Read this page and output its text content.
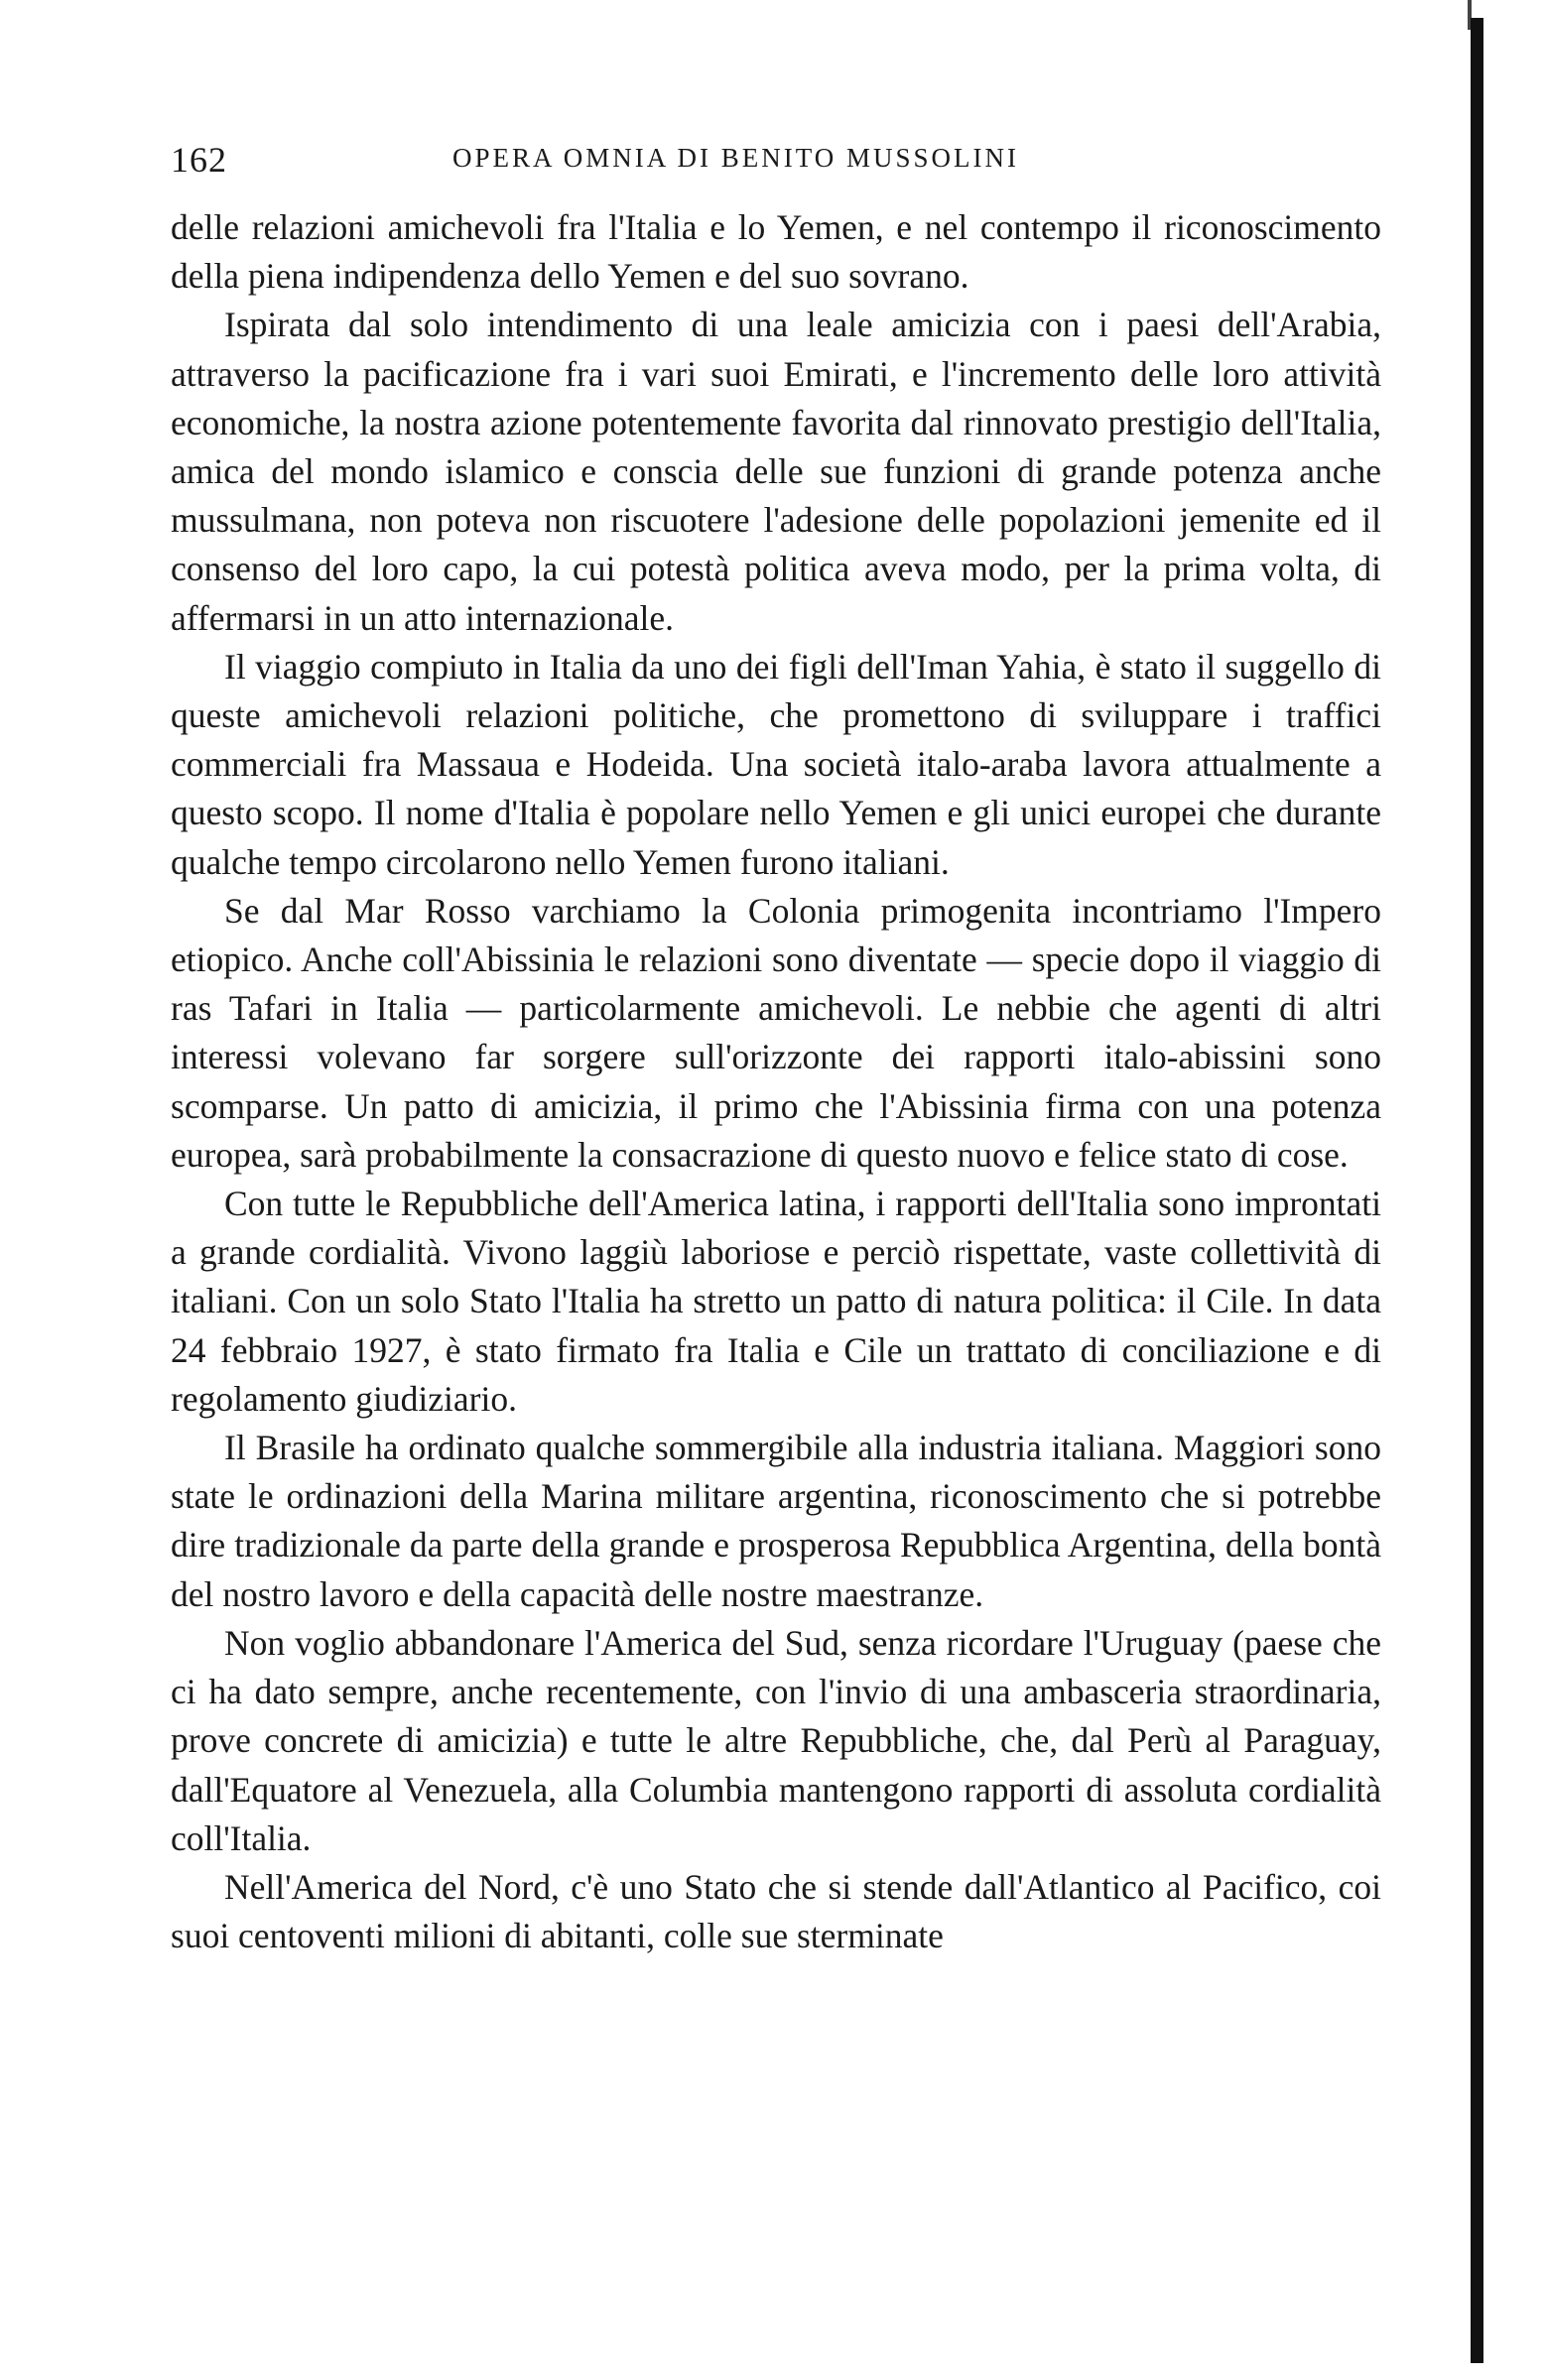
162	OPERA OMNIA DI BENITO MUSSOLINI

delle relazioni amichevoli fra l'Italia e lo Yemen, e nel contempo il riconoscimento della piena indipendenza dello Yemen e del suo sovrano.

Ispirata dal solo intendimento di una leale amicizia con i paesi dell'Arabia, attraverso la pacificazione fra i vari suoi Emirati, e l'incremento delle loro attività economiche, la nostra azione potentemente favorita dal rinnovato prestigio dell'Italia, amica del mondo islamico e conscia delle sue funzioni di grande potenza anche mussulmana, non poteva non riscuotere l'adesione delle popolazioni jemenite ed il consenso del loro capo, la cui potestà politica aveva modo, per la prima volta, di affermarsi in un atto internazionale.

Il viaggio compiuto in Italia da uno dei figli dell'Iman Yahia, è stato il suggello di queste amichevoli relazioni politiche, che promettono di sviluppare i traffici commerciali fra Massaua e Hodeida. Una società italo-araba lavora attualmente a questo scopo. Il nome d'Italia è popolare nello Yemen e gli unici europei che durante qualche tempo circolarono nello Yemen furono italiani.

Se dal Mar Rosso varchiamo la Colonia primogenita incontriamo l'Impero etiopico. Anche coll'Abissinia le relazioni sono diventate — specie dopo il viaggio di ras Tafari in Italia — particolarmente amichevoli. Le nebbie che agenti di altri interessi volevano far sorgere sull'orizzonte dei rapporti italo-abissini sono scomparse. Un patto di amicizia, il primo che l'Abissinia firma con una potenza europea, sarà probabilmente la consacrazione di questo nuovo e felice stato di cose.

Con tutte le Repubbliche dell'America latina, i rapporti dell'Italia sono improntati a grande cordialità. Vivono laggiù laboriose e perciò rispettate, vaste collettività di italiani. Con un solo Stato l'Italia ha stretto un patto di natura politica: il Cile. In data 24 febbraio 1927, è stato firmato fra Italia e Cile un trattato di conciliazione e di regolamento giudiziario.

Il Brasile ha ordinato qualche sommergibile alla industria italiana. Maggiori sono state le ordinazioni della Marina militare argentina, riconoscimento che si potrebbe dire tradizionale da parte della grande e prosperosa Repubblica Argentina, della bontà del nostro lavoro e della capacità delle nostre maestranze.

Non voglio abbandonare l'America del Sud, senza ricordare l'Uruguay (paese che ci ha dato sempre, anche recentemente, con l'invio di una ambasceria straordinaria, prove concrete di amicizia) e tutte le altre Repubbliche, che, dal Perù al Paraguay, dall'Equatore al Venezuela, alla Columbia mantengono rapporti di assoluta cordialità coll'Italia.

Nell'America del Nord, c'è uno Stato che si stende dall'Atlantico al Pacifico, coi suoi centoventi milioni di abitanti, colle sue sterminate
